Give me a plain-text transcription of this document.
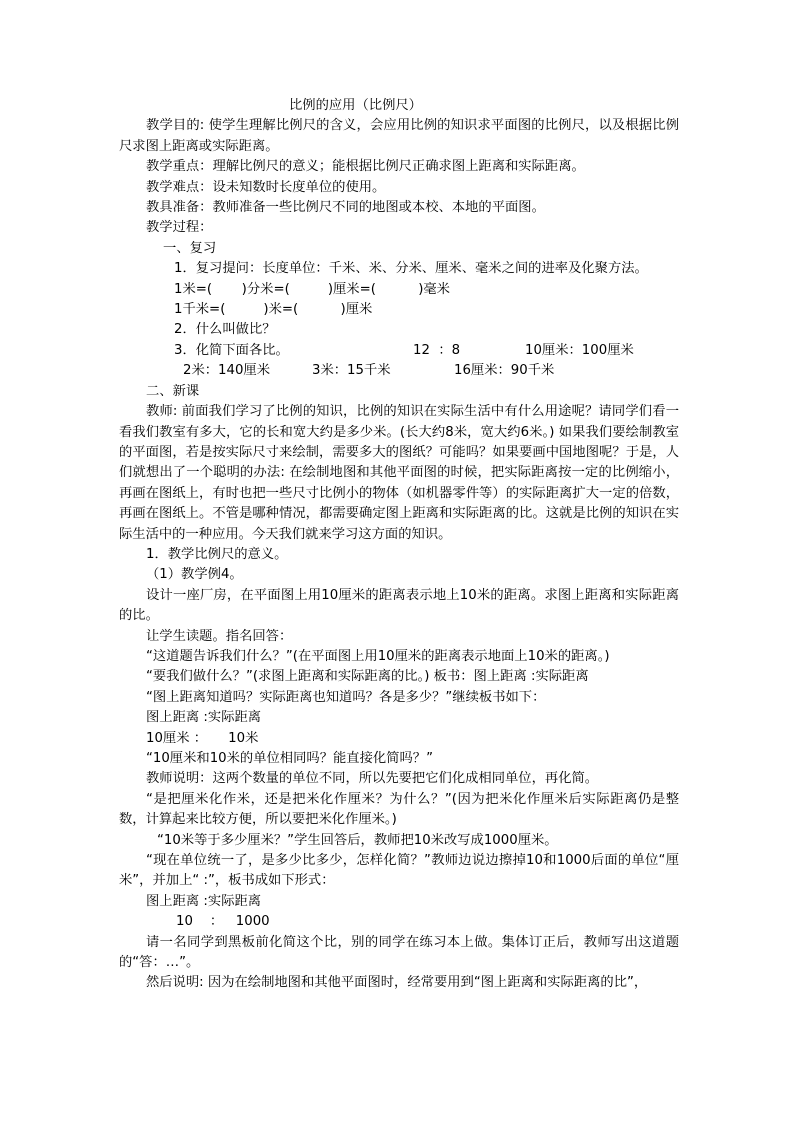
比例的应用（比例尺）
教学目的: 使学生理解比例尺的含义，会应用比例的知识求平面图的比例尺，以及根据比例尺求图上距离或实际距离。
教学重点：理解比例尺的意义；能根据比例尺正确求图上距离和实际距离。
教学难点：设未知数时长度单位的使用。
教具准备：教师准备一些比例尺不同的地图或本校、本地的平面图。
教学过程：
一、复习
1．复习提问：长度单位：千米、米、分米、厘米、毫米之间的进率及化聚方法。
1米=(       )分米=(         )厘米=(          )毫米
1千米=(         )米=(          )厘米
2．什么叫做比？
3．化简下面各比。	12  ：8	10厘米：100厘米
2米：140厘米	3米：15千米	16厘米：90千米
二、新课
教师: 前面我们学习了比例的知识，比例的知识在实际生活中有什么用途呢？请同学们看一看我们教室有多大，它的长和宽大约是多少米。(长大约8米，宽大约6米。) 如果我们要绘制教室的平面图，若是按实际尺寸来绘制，需要多大的图纸？可能吗？如果要画中国地图呢？于是，人们就想出了一个聪明的办法: 在绘制地图和其他平面图的时候，把实际距离按一定的比例缩小，再画在图纸上，有时也把一些尺寸比例小的物体（如机器零件等）的实际距离扩大一定的倍数，再画在图纸上。不管是哪种情况，都需要确定图上距离和实际距离的比。这就是比例的知识在实际生活中的一种应用。今天我们就来学习这方面的知识。
1．教学比例尺的意义。
（1）教学例4。
设计一座厂房，在平面图上用10厘米的距离表示地上10米的距离。求图上距离和实际距离的比。
让学生读题。指名回答：
“这道题告诉我们什么？”(在平面图上用10厘米的距离表示地面上10米的距离。)
“要我们做什么？”(求图上距离和实际距离的比。) 板书：图上距离 :实际距离
“图上距离知道吗？实际距离也知道吗？各是多少？”继续板书如下：
图上距离 :实际距离
10厘米 ：     10米
“10厘米和10米的单位相同吗？能直接化简吗？”
教师说明：这两个数量的单位不同，所以先要把它们化成相同单位，再化简。
“是把厘米化作米，还是把米化作厘米？为什么？”(因为把米化作厘米后实际距离仍是整数，计算起来比较方便，所以要把米化作厘米。)
“10米等于多少厘米？”学生回答后，教师把10米改写成1000厘米。
“现在单位统一了，是多少比多少，怎样化简？”教师边说边擦掉10和1000后面的单位“厘米”，并加上“ :”，板书成如下形式：
图上距离 :实际距离
10    ：   1000
请一名同学到黑板前化简这个比，别的同学在练习本上做。集体订正后，教师写出这道题的“答：…”。
然后说明: 因为在绘制地图和其他平面图时，经常要用到“图上距离和实际距离的比”，
